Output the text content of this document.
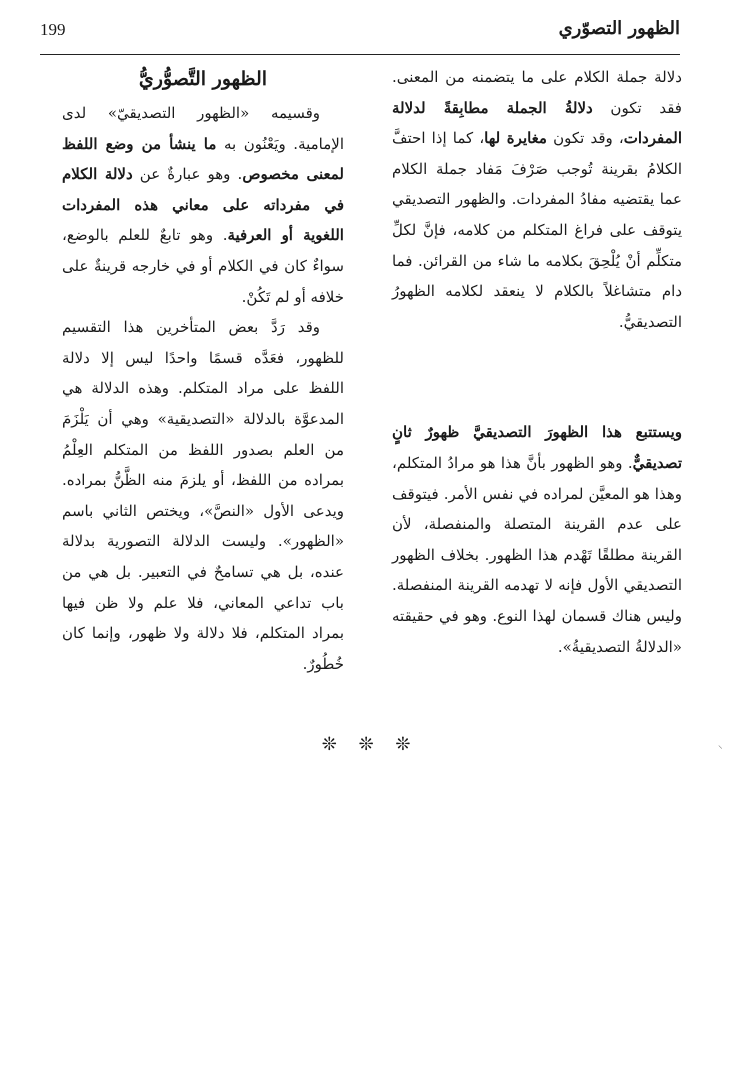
199	الظهور التصوّري

دلالة جملة الكلام على ما يتضمنه من المعنى. فقد تكون دلالةُ الجملة مطابِقةً لدلالة المفردات، وقد تكون مغايرة لها، كما إذا احتفَّ الكلامُ بقرينة تُوجب صَرْفَ مَفاد جملة الكلام عما يقتضيه مفادُ المفردات. والظهور التصديقي يتوقف على فراغ المتكلم من كلامه، فإنَّ لكلِّ متكلِّم أنْ يُلْحِقَ بكلامه ما شاء من القرائن. فما دام متشاغلاً بالكلام لا ينعقد لكلامه الظهورُ التصديقيُّ.

ويستتبع هذا الظهورَ التصديقيَّ ظهورٌ ثانٍ تصديقيٌّ. وهو الظهور بأنَّ هذا هو مرادُ المتكلم، وهذا هو المعيَّن لمراده في نفس الأمر. فيتوقف على عدم القرينة المتصلة والمنفصلة، لأن القرينة مطلقًا تَهْدم هذا الظهور. بخلاف الظهور التصديقي الأول فإنه لا تهدمه القرينة المنفصلة. وليس هناك قسمان لهذا النوع. وهو في حقيقته «الدلالةُ التصديقيةُ».

الظهور التَّصوُّريُّ

وقسيمه «الظهور التصديقيّ» لدى الإمامية. ويَعْنُون به ما ينشأ من وضع اللفظ لمعنى مخصوص. وهو عبارةٌ عن دلالة الكلام في مفرداته على معاني هذه المفردات اللغوية أو العرفية. وهو تابعٌ للعلم بالوضع، سواءٌ كان في الكلام أو في خارجه قرينةٌ على خلافه أو لم تَكُنْ.

وقد رَدَّ بعض المتأخرين هذا التقسيم للظهور، فعَدَّه قسمًا واحدًا ليس إلا دلالة اللفظ على مراد المتكلم. وهذه الدلالة هي المدعوَّة بالدلالة «التصديقية» وهي أن يَلْزَمَ من العلم بصدور اللفظ من المتكلم العِلْمُ بمراده من اللفظ، أو يلزمَ منه الظَّنُّ بمراده. ويدعى الأول «النصَّ»، ويختص الثاني باسم «الظهور». وليست الدلالة التصورية بدلالة عنده، بل هي تسامحٌ في التعبير. بل هي من باب تداعي المعاني، فلا علم ولا ظن فيها بمراد المتكلم، فلا دلالة ولا ظهور، وإنما كان خُطُورٌ.

❊ ❊ ❊	⸜
